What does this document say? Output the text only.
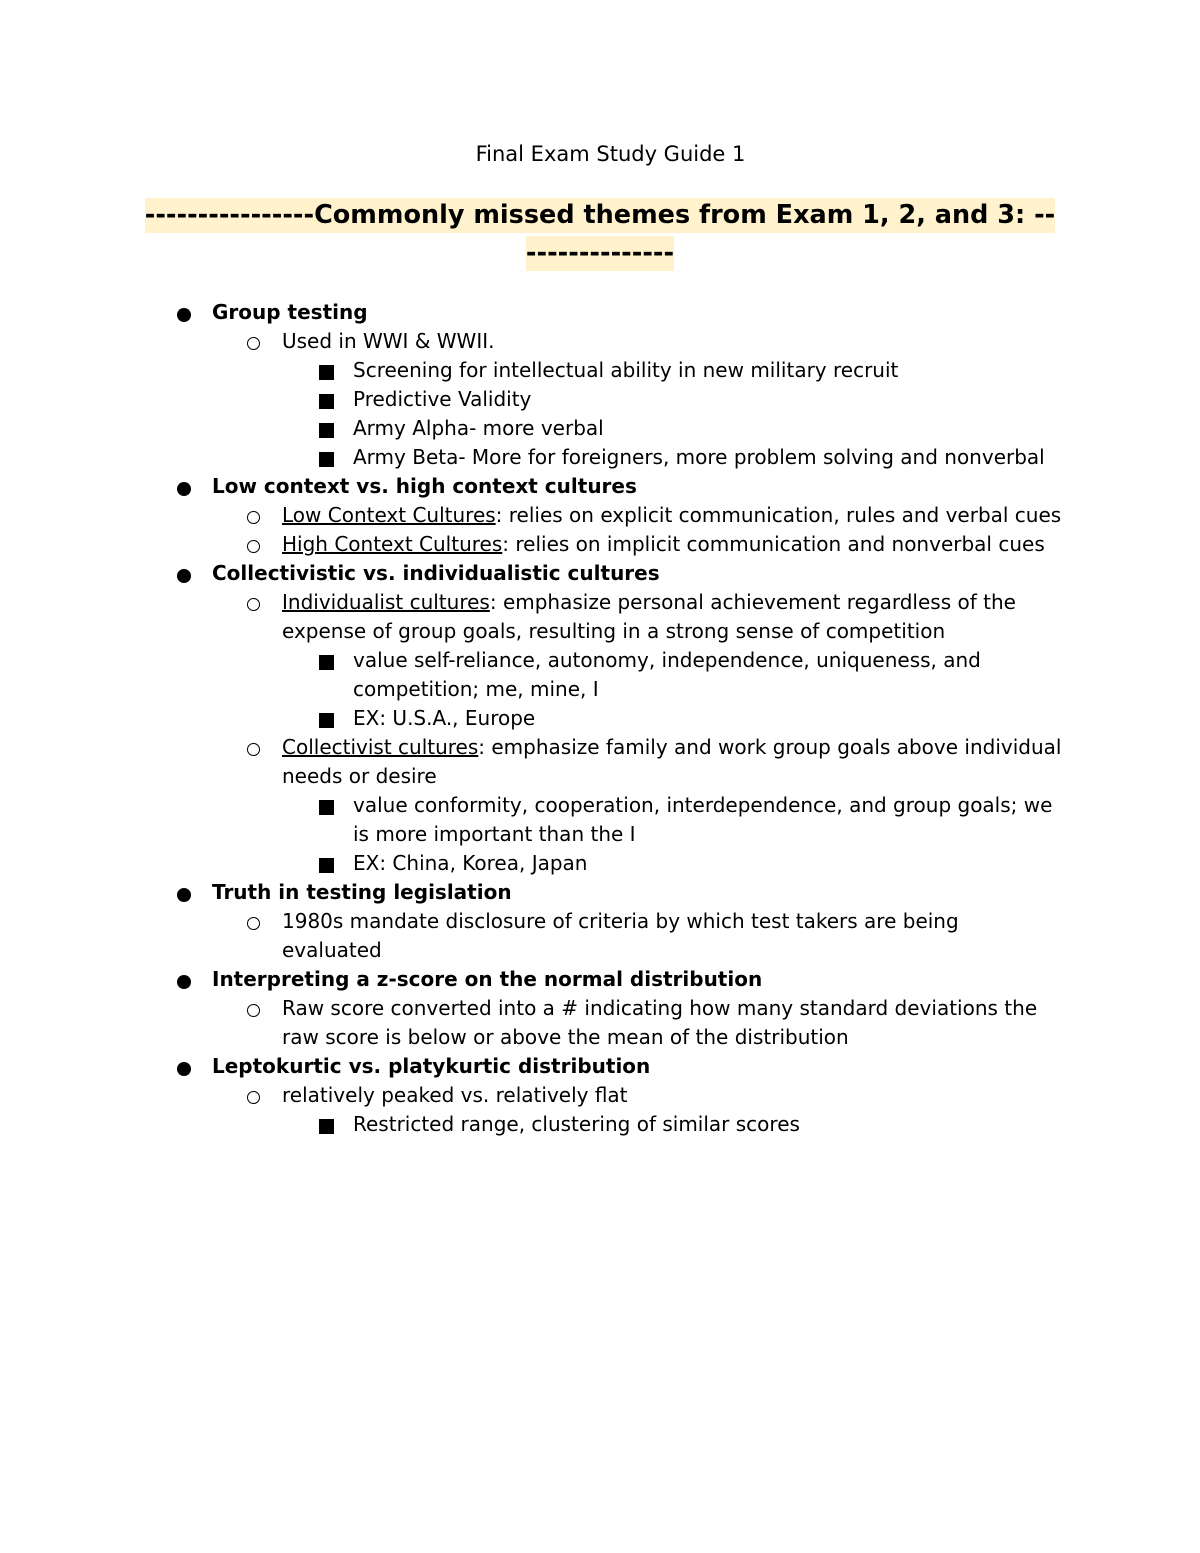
Final Exam Study Guide 1
----------------Commonly missed themes from Exam 1, 2, and 3: ----------------
Group testing
Used in WWI & WWII.
Screening for intellectual ability in new military recruit
Predictive Validity
Army Alpha- more verbal
Army Beta- More for foreigners, more problem solving and nonverbal
Low context vs. high context cultures
Low Context Cultures: relies on explicit communication, rules and verbal cues
High Context Cultures: relies on implicit communication and nonverbal cues
Collectivistic vs. individualistic cultures
Individualist cultures: emphasize personal achievement regardless of the expense of group goals, resulting in a strong sense of competition
value self-reliance, autonomy, independence, uniqueness, and competition; me, mine, I
EX: U.S.A., Europe
Collectivist cultures: emphasize family and work group goals above individual needs or desire
value conformity, cooperation, interdependence, and group goals; we is more important than the I
EX: China, Korea, Japan
Truth in testing legislation
1980s mandate disclosure of criteria by which test takers are being evaluated
Interpreting a z-score on the normal distribution
Raw score converted into a # indicating how many standard deviations the raw score is below or above the mean of the distribution
Leptokurtic vs. platykurtic distribution
relatively peaked vs. relatively flat
Restricted range, clustering of similar scores
